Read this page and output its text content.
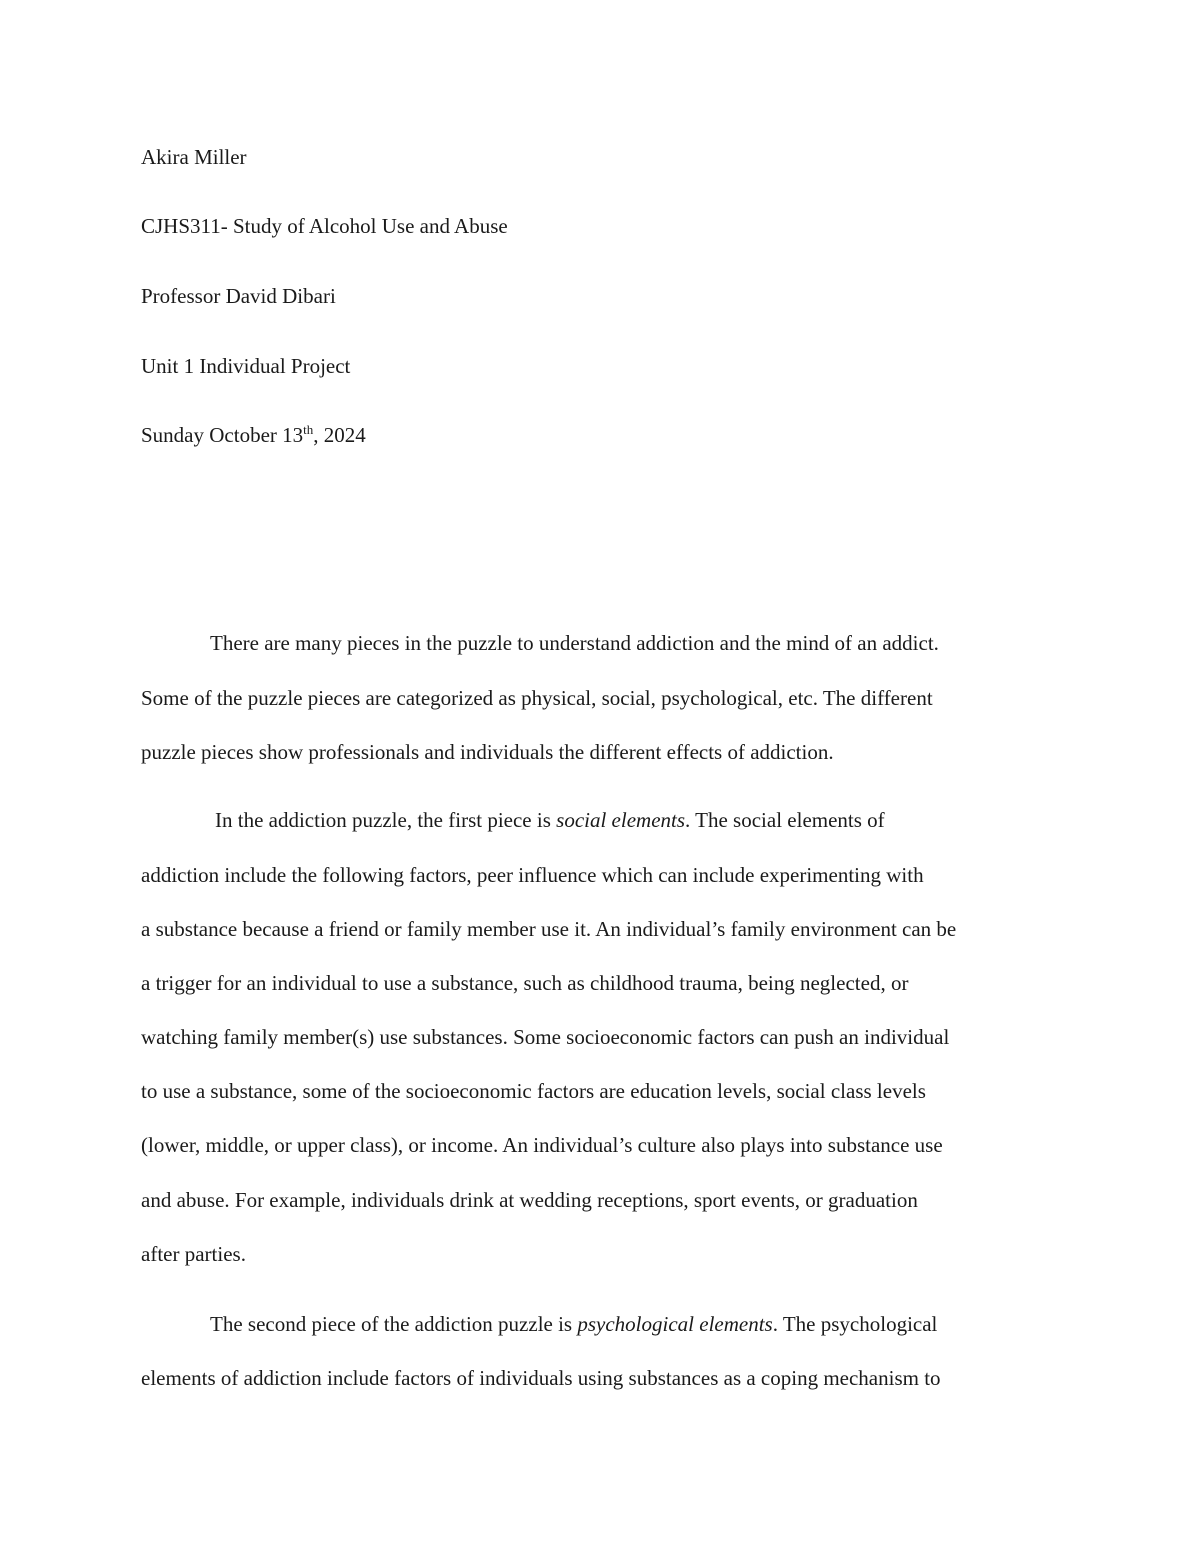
Akira Miller
CJHS311- Study of Alcohol Use and Abuse
Professor David Dibari
Unit 1 Individual Project
Sunday October 13th, 2024
There are many pieces in the puzzle to understand addiction and the mind of an addict.
Some of the puzzle pieces are categorized as physical, social, psychological, etc. The different
puzzle pieces show professionals and individuals the different effects of addiction.
In the addiction puzzle, the first piece is social elements. The social elements of
addiction include the following factors, peer influence which can include experimenting with
a substance because a friend or family member use it. An individual’s family environment can be
a trigger for an individual to use a substance, such as childhood trauma, being neglected, or
watching family member(s) use substances. Some socioeconomic factors can push an individual
to use a substance, some of the socioeconomic factors are education levels, social class levels
(lower, middle, or upper class), or income. An individual’s culture also plays into substance use
and abuse. For example, individuals drink at wedding receptions, sport events, or graduation
after parties.
The second piece of the addiction puzzle is psychological elements. The psychological
elements of addiction include factors of individuals using substances as a coping mechanism to
